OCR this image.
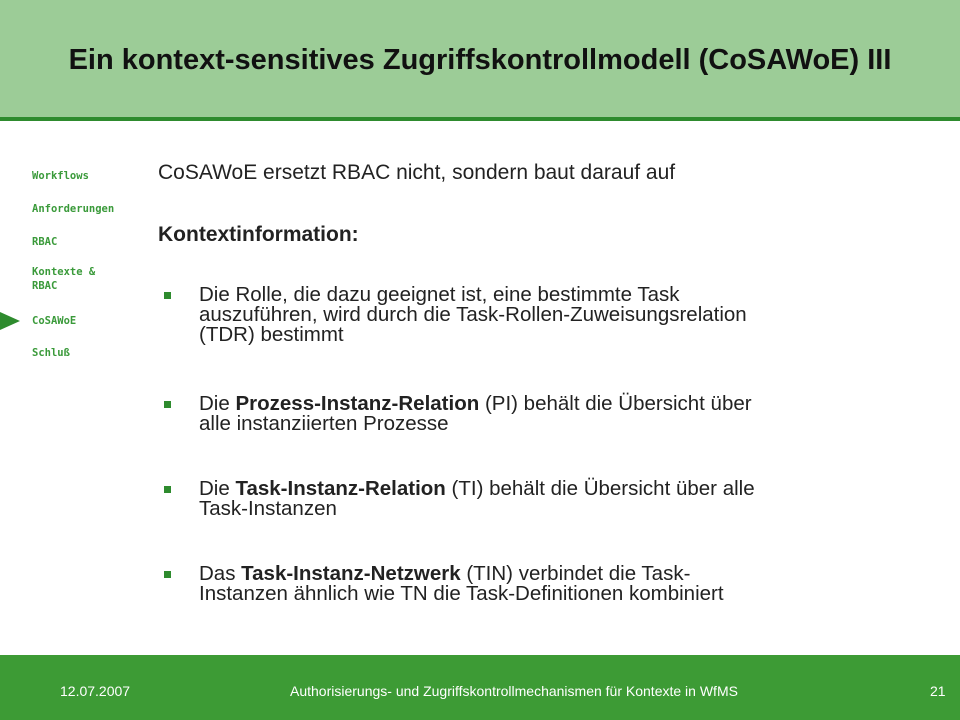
Ein kontext-sensitives Zugriffskontrollmodell (CoSAWoE) III
Workflows
Anforderungen
RBAC
Kontexte &
RBAC
CoSAWoE
Schluß
CoSAWoE ersetzt RBAC nicht, sondern baut darauf auf
Kontextinformation:
Die Rolle, die dazu geeignet ist, eine bestimmte Task
auszuführen, wird durch die Task-Rollen-Zuweisungsrelation
(TDR) bestimmt
Die Prozess-Instanz-Relation (PI) behält die Übersicht über
alle instanziierten Prozesse
Die Task-Instanz-Relation (TI) behält die Übersicht über alle
Task-Instanzen
Das Task-Instanz-Netzwerk (TIN) verbindet die Task-
Instanzen ähnlich wie TN die Task-Definitionen kombiniert
12.07.2007	Authorisierungs- und Zugriffskontrollmechanismen für Kontexte in WfMS	21
